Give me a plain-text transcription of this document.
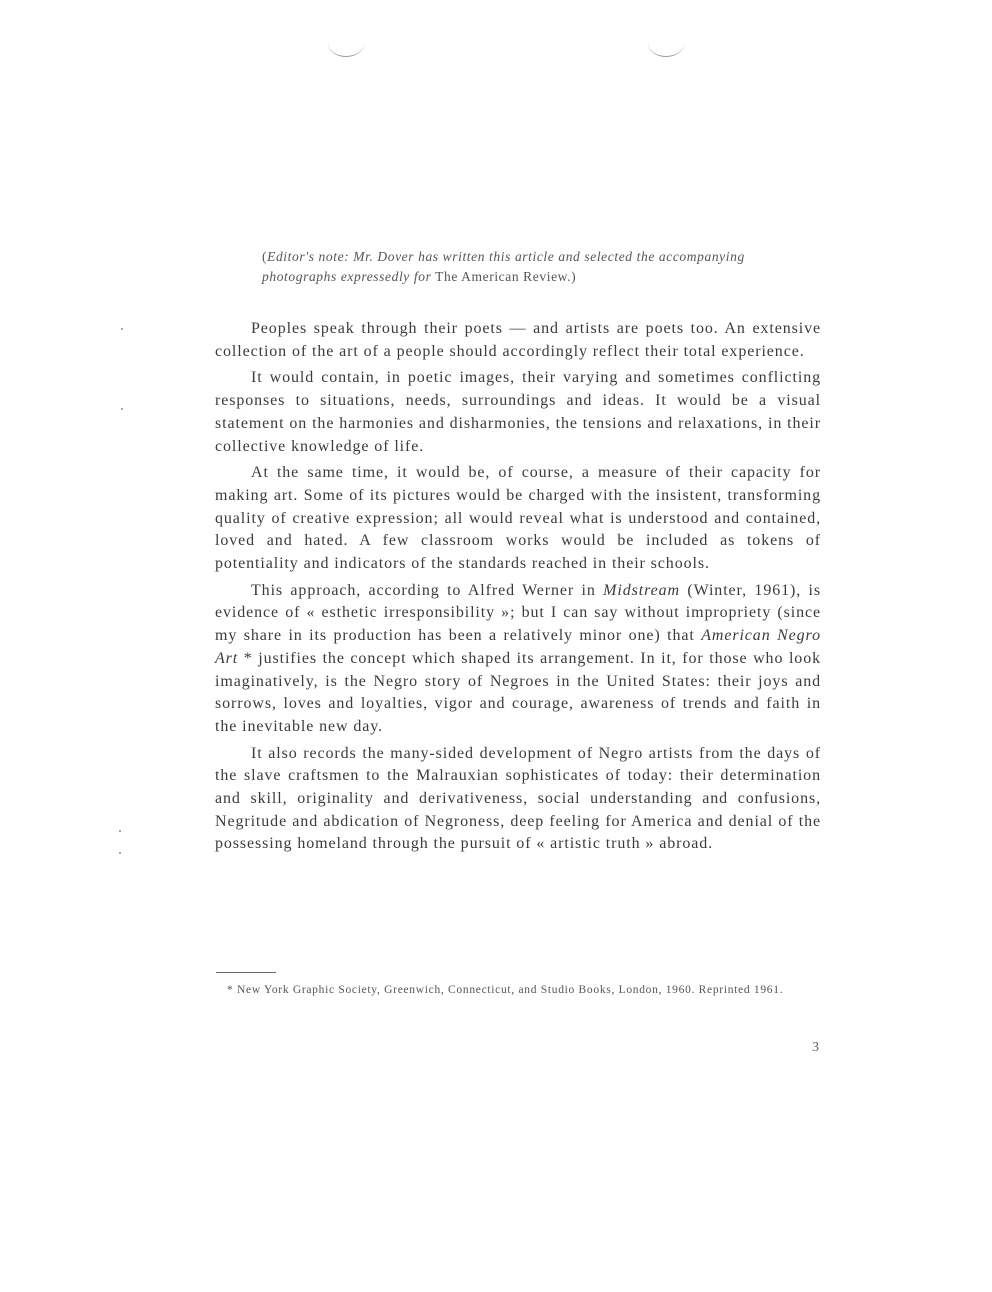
(Editor's note: Mr. Dover has written this article and selected the accompanying photographs expressedly for The American Review.)

Peoples speak through their poets — and artists are poets too. An extensive collection of the art of a people should accordingly reflect their total experience.

It would contain, in poetic images, their varying and sometimes conflicting responses to situations, needs, surroundings and ideas. It would be a visual statement on the harmonies and disharmonies, the tensions and relaxations, in their collective knowledge of life.

At the same time, it would be, of course, a measure of their capacity for making art. Some of its pictures would be charged with the insistent, transforming quality of creative expression; all would reveal what is understood and contained, loved and hated. A few classroom works would be included as tokens of potentiality and indicators of the standards reached in their schools.

This approach, according to Alfred Werner in Midstream (Winter, 1961), is evidence of « esthetic irresponsibility »; but I can say without impropriety (since my share in its production has been a relatively minor one) that American Negro Art * justifies the concept which shaped its arrangement. In it, for those who look imaginatively, is the Negro story of Negroes in the United States: their joys and sorrows, loves and loyalties, vigor and courage, awareness of trends and faith in the inevitable new day.

It also records the many-sided development of Negro artists from the days of the slave craftsmen to the Malrauxian sophisticates of today: their determination and skill, originality and derivativeness, social understanding and confusions, Negritude and abdication of Negroness, deep feeling for America and denial of the possessing homeland through the pursuit of « artistic truth » abroad.

* New York Graphic Society, Greenwich, Connecticut, and Studio Books, London, 1960. Reprinted 1961.
3
